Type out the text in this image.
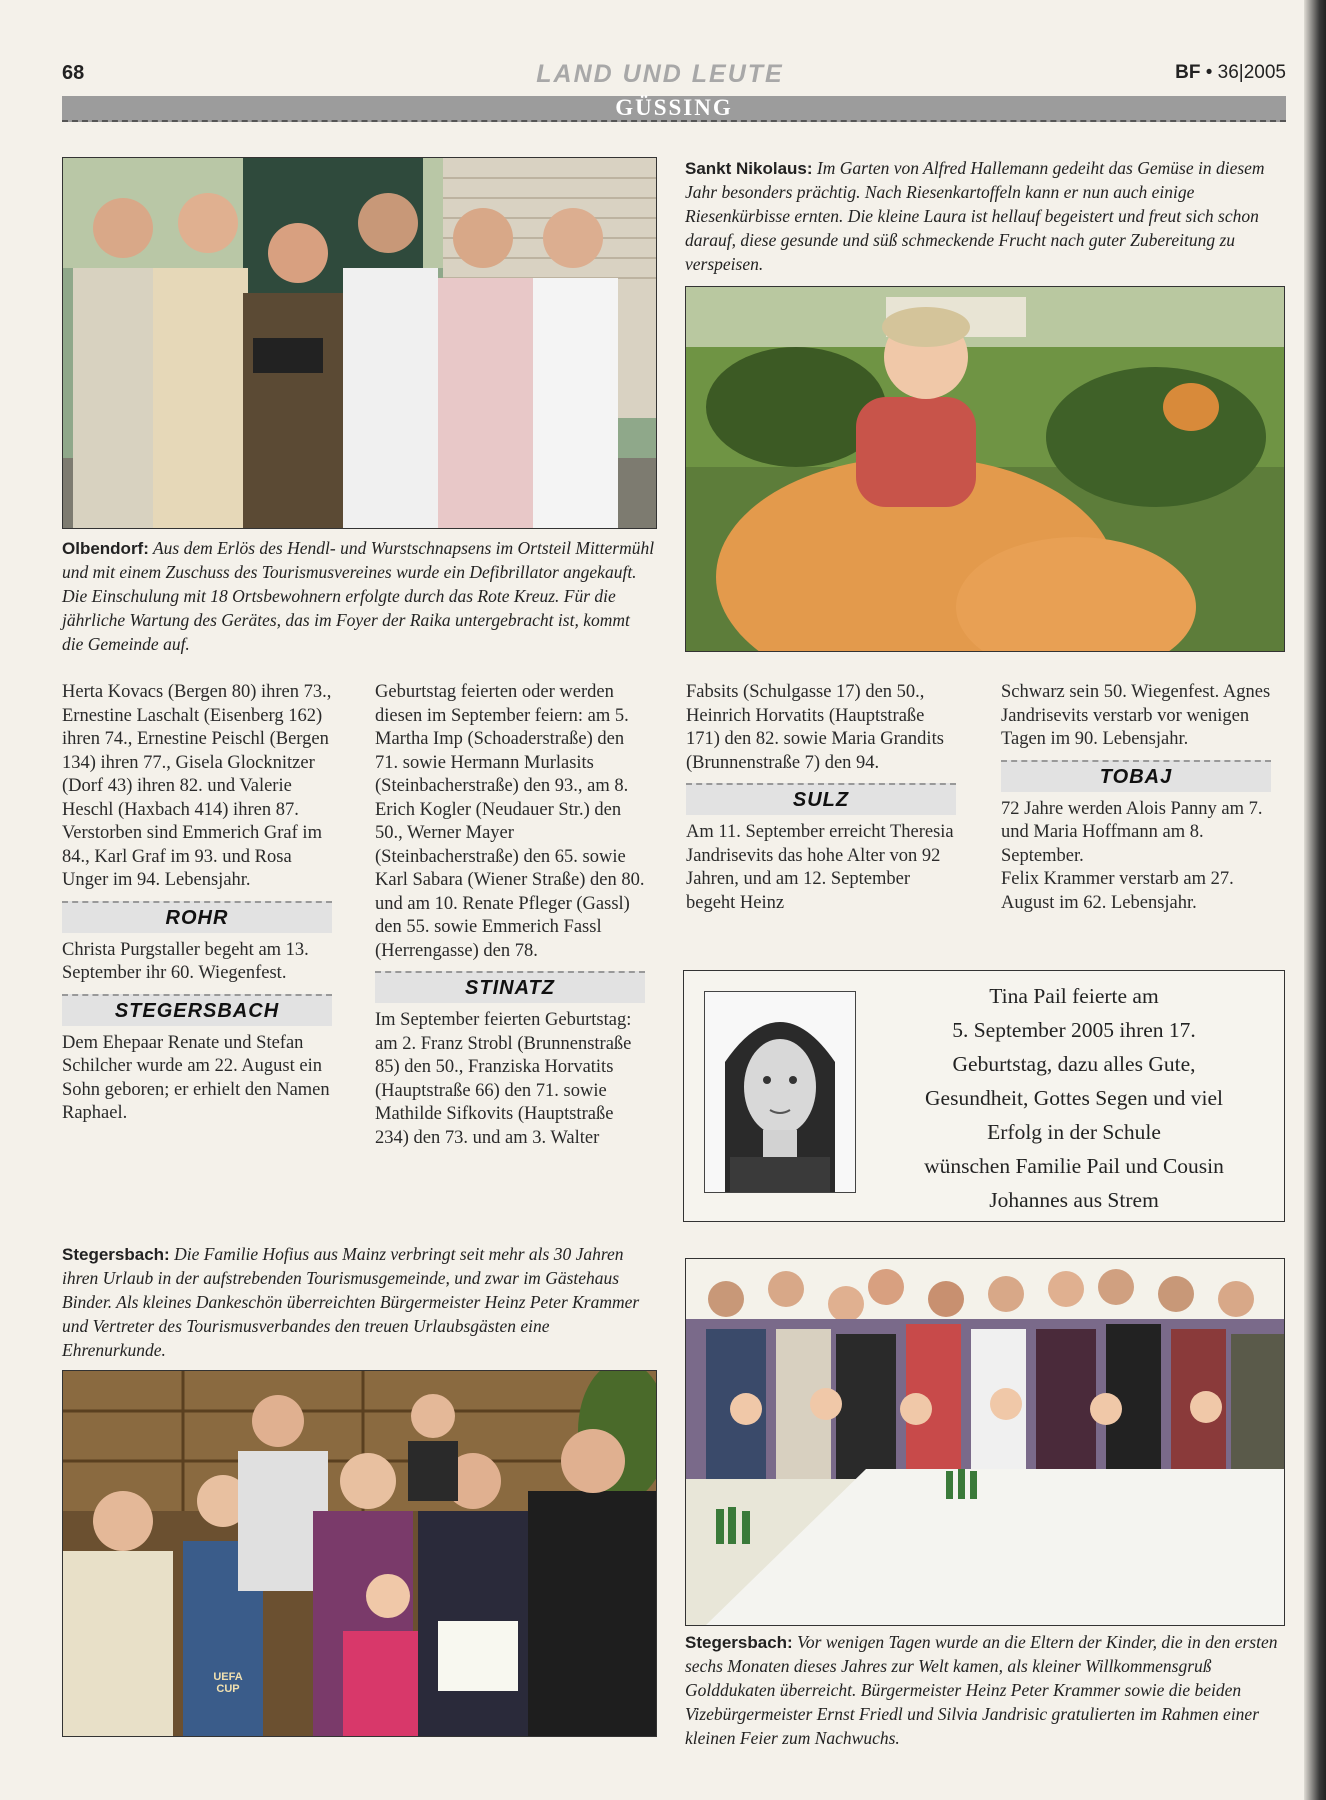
68	LAND UND LEUTE	BF • 36|2005
GÜSSING
Olbendorf: Aus dem Erlös des Hendl- und Wurstschnapsens im Ortsteil Mittermühl und mit einem Zuschuss des Tourismusvereines wurde ein Defibrillator angekauft. Die Einschulung mit 18 Ortsbewohnern erfolgte durch das Rote Kreuz. Für die jährliche Wartung des Gerätes, das im Foyer der Raika untergebracht ist, kommt die Gemeinde auf.
Sankt Nikolaus: Im Garten von Alfred Hallemann gedeiht das Gemüse in diesem Jahr besonders prächtig. Nach Riesenkartoffeln kann er nun auch einige Riesenkürbisse ernten. Die kleine Laura ist hellauf begeistert und freut sich schon darauf, diese gesunde und süß schmeckende Frucht nach guter Zubereitung zu verspeisen.

Herta Kovacs (Bergen 80) ihren 73., Ernestine Laschalt (Eisenberg 162) ihren 74., Ernestine Peischl (Bergen 134) ihren 77., Gisela Glocknitzer (Dorf 43) ihren 82. und Valerie Heschl (Haxbach 414) ihren 87.

Verstorben sind Emmerich Graf im 84., Karl Graf im 93. und Rosa Unger im 94. Lebensjahr.

ROHR

Christa Purgstaller begeht am 13. September ihr 60. Wiegenfest.

STEGERSBACH

Dem Ehepaar Renate und Stefan Schilcher wurde am 22. August ein Sohn geboren; er erhielt den Namen Raphael.

Geburtstag feierten oder werden diesen im September feiern: am 5. Martha Imp (Schoaderstraße) den 71. sowie Hermann Murlasits (Steinbacherstraße) den 93., am 8. Erich Kogler (Neudauer Str.) den 50., Werner Mayer (Steinbacherstraße) den 65. sowie Karl Sabara (Wiener Straße) den 80. und am 10. Renate Pfleger (Gassl) den 55. sowie Emmerich Fassl (Herrengasse) den 78.

STINATZ

Im September feierten Geburtstag: am 2. Franz Strobl (Brunnenstraße 85) den 50., Franziska Horvatits (Hauptstraße 66) den 71. sowie Mathilde Sifkovits (Hauptstraße 234) den 73. und am 3. Walter

Fabsits (Schulgasse 17) den 50., Heinrich Horvatits (Hauptstraße 171) den 82. sowie Maria Grandits (Brunnenstraße 7) den 94.

SULZ

Am 11. September erreicht Theresia Jandrisevits das hohe Alter von 92 Jahren, und am 12. September begeht Heinz

Schwarz sein 50. Wiegenfest. Agnes Jandrisevits verstarb vor wenigen Tagen im 90. Lebensjahr.

TOBAJ

72 Jahre werden Alois Panny am 7. und Maria Hoffmann am 8. September.

Felix Krammer verstarb am 27. August im 62. Lebensjahr.

Tina Pail feierte am
5. September 2005 ihren 17.
Geburtstag, dazu alles Gute,
Gesundheit, Gottes Segen und viel
Erfolg in der Schule
wünschen Familie Pail und Cousin
Johannes aus Strem
Stegersbach: Die Familie Hofius aus Mainz verbringt seit mehr als 30 Jahren ihren Urlaub in der aufstrebenden Tourismusgemeinde, und zwar im Gästehaus Binder. Als kleines Dankeschön überreichten Bürgermeister Heinz Peter Krammer und Vertreter des Tourismusverbandes den treuen Urlaubsgästen eine Ehrenurkunde.
UEFA CUP
Stegersbach: Vor wenigen Tagen wurde an die Eltern der Kinder, die in den ersten sechs Monaten dieses Jahres zur Welt kamen, als kleiner Willkommensgruß Golddukaten überreicht. Bürgermeister Heinz Peter Krammer sowie die beiden Vizebürgermeister Ernst Friedl und Silvia Jandrisic gratulierten im Rahmen einer kleinen Feier zum Nachwuchs.
